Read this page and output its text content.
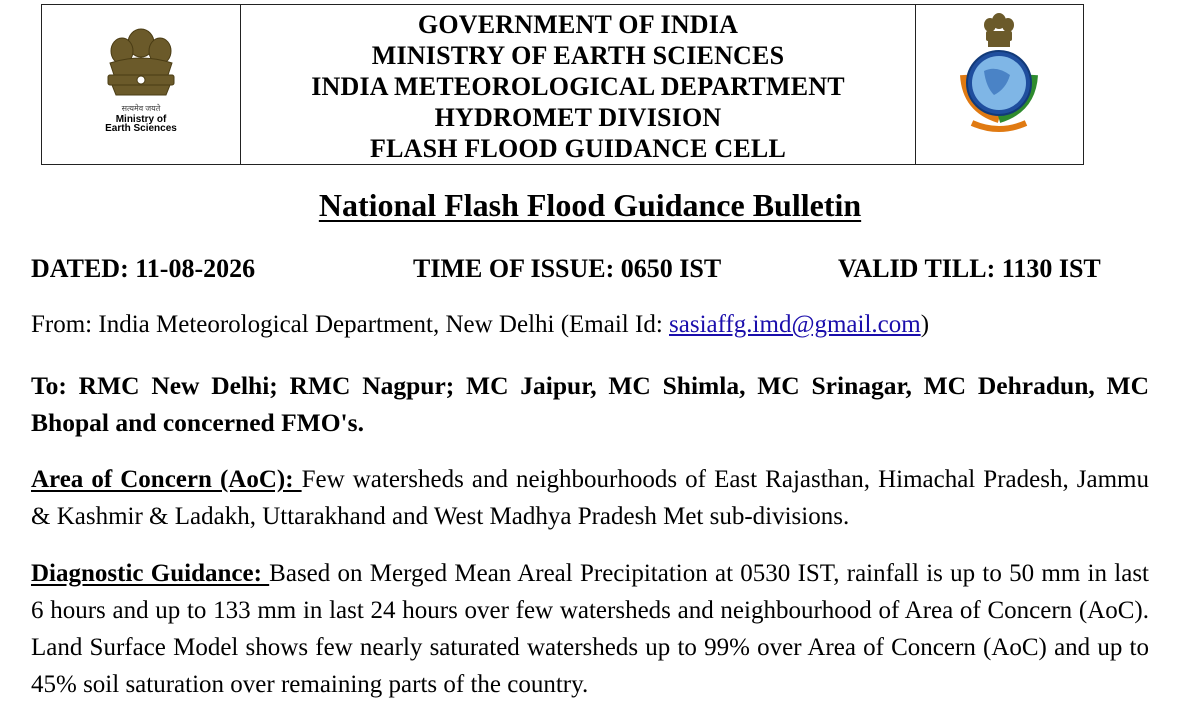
सत्यमेव जयते
Ministry of
Earth Sciences
GOVERNMENT OF INDIA
MINISTRY OF EARTH SCIENCES
INDIA METEOROLOGICAL DEPARTMENT
HYDROMET DIVISION
FLASH FLOOD GUIDANCE CELL
National Flash Flood Guidance Bulletin
DATED: 11-08-2026	TIME OF ISSUE: 0650 IST	VALID TILL: 1130 IST
From: India Meteorological Department, New Delhi (Email Id: sasiaffg.imd@gmail.com)
To: RMC New Delhi; RMC Nagpur; MC Jaipur, MC Shimla, MC Srinagar, MC Dehradun, MC Bhopal and concerned FMO's.
Area of Concern (AoC): Few watersheds and neighbourhoods of East Rajasthan, Himachal Pradesh, Jammu & Kashmir & Ladakh, Uttarakhand and West Madhya Pradesh Met sub-divisions.
Diagnostic Guidance: Based on Merged Mean Areal Precipitation at 0530 IST, rainfall is up to 50 mm in last 6 hours and up to 133 mm in last 24 hours over few watersheds and neighbourhood of Area of Concern (AoC). Land Surface Model shows few nearly saturated watersheds up to 99% over Area of Concern (AoC) and up to 45% soil saturation over remaining parts of the country.
